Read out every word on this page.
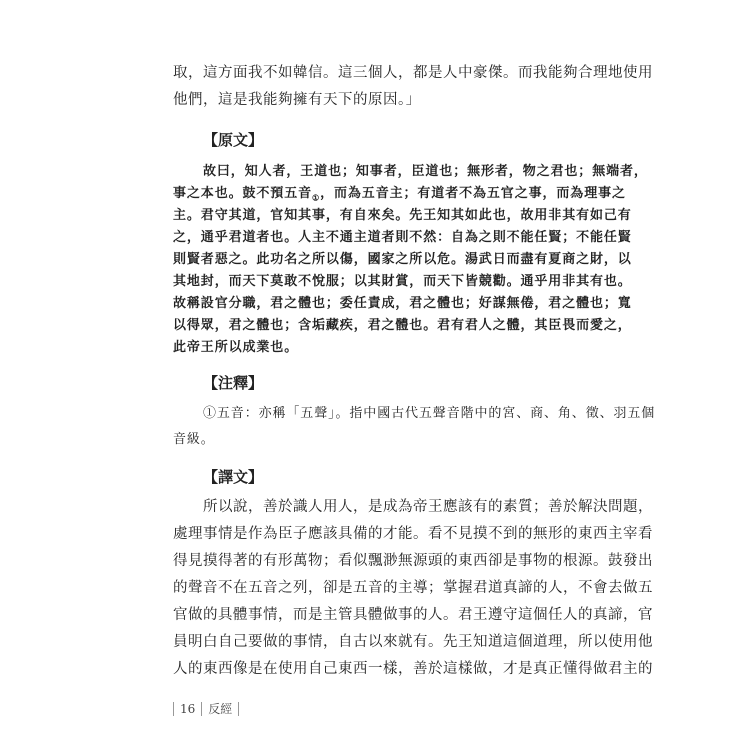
取，這方面我不如韓信。這三個人，都是人中豪傑。而我能夠合理地使用
他們，這是我能夠擁有天下的原因。」
【原文】
故曰，知人者，王道也；知事者，臣道也；無形者，物之君也；無端者，
事之本也。鼓不預五音$_①$，而為五音主；有道者不為五官之事，而為理事之
主。君守其道，官知其事，有自來矣。先王知其如此也，故用非其有如己有
之，通乎君道者也。人主不通主道者則不然：自為之則不能任賢；不能任賢
則賢者惡之。此功名之所以傷，國家之所以危。湯武日而盡有夏商之財，以
其地封，而天下莫敢不悅服；以其財賞，而天下皆競勸。通乎用非其有也。
故稱設官分職，君之體也；委任責成，君之體也；好謀無倦，君之體也；寬
以得眾，君之體也；含垢藏疾，君之體也。君有君人之體，其臣畏而愛之，
此帝王所以成業也。
【注釋】
①五音：亦稱「五聲」。指中國古代五聲音階中的宮、商、角、徵、羽五個
音級。
【譯文】
所以說，善於識人用人，是成為帝王應該有的素質；善於解決問題，
處理事情是作為臣子應該具備的才能。看不見摸不到的無形的東西主宰看
得見摸得著的有形萬物；看似飄渺無源頭的東西卻是事物的根源。鼓發出
的聲音不在五音之列，卻是五音的主導；掌握君道真諦的人，不會去做五
官做的具體事情，而是主管具體做事的人。君王遵守這個任人的真諦，官
員明白自己要做的事情，自古以來就有。先王知道這個道理，所以使用他
人的東西像是在使用自己東西一樣，善於這樣做，才是真正懂得做君主的
16 反經
